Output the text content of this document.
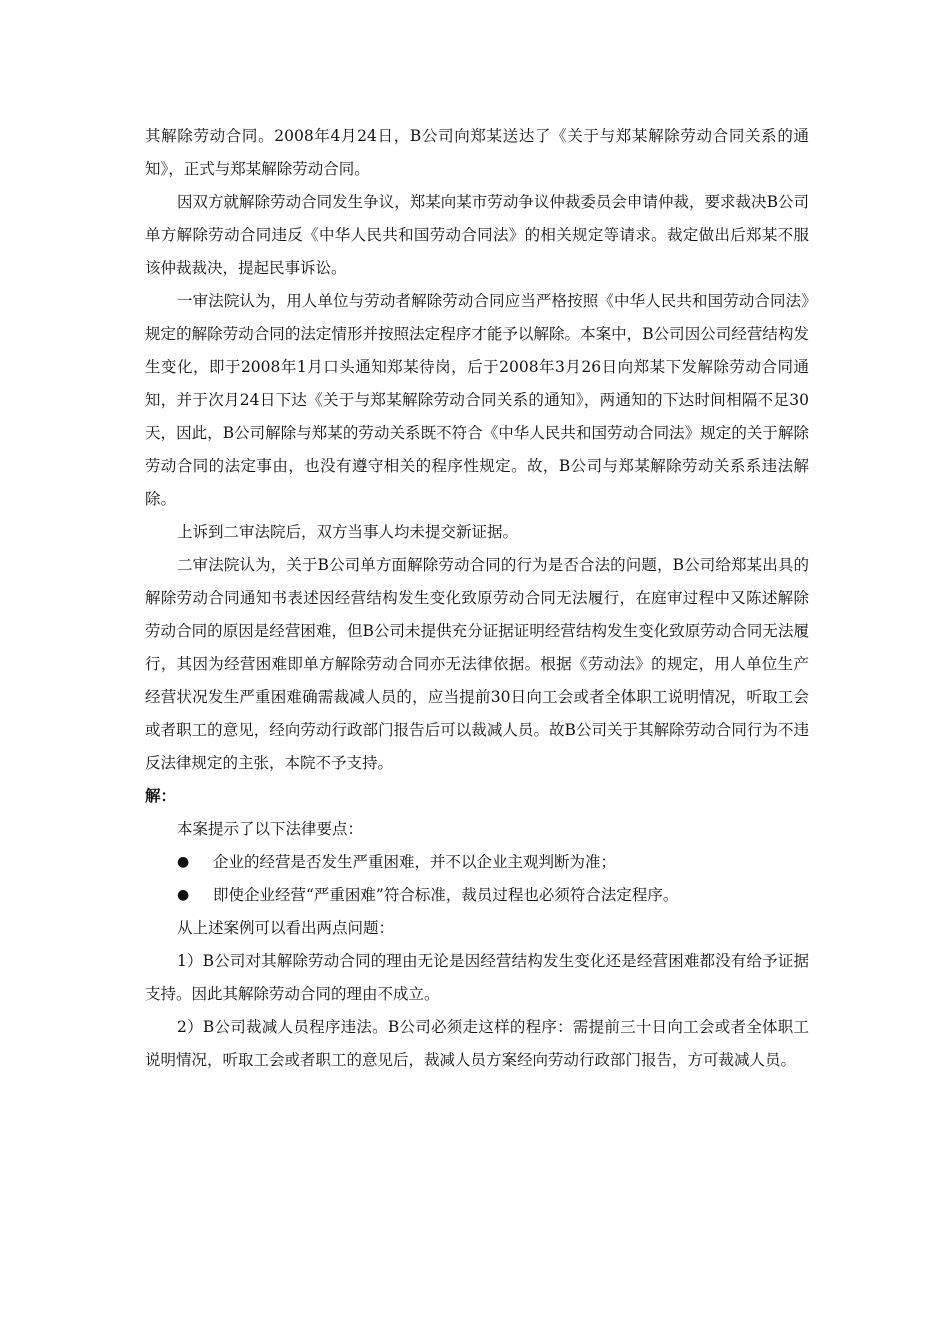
其解除劳动合同。2008年4月24日，B公司向郑某送达了《关于与郑某解除劳动合同关系的通知》，正式与郑某解除劳动合同。

因双方就解除劳动合同发生争议，郑某向某市劳动争议仲裁委员会申请仲裁，要求裁决B公司单方解除劳动合同违反《中华人民共和国劳动合同法》的相关规定等请求。裁定做出后郑某不服该仲裁裁决，提起民事诉讼。

一审法院认为，用人单位与劳动者解除劳动合同应当严格按照《中华人民共和国劳动合同法》规定的解除劳动合同的法定情形并按照法定程序才能予以解除。本案中，B公司因公司经营结构发生变化，即于2008年1月口头通知郑某待岗，后于2008年3月26日向郑某下发解除劳动合同通知，并于次月24日下达《关于与郑某解除劳动合同关系的通知》，两通知的下达时间相隔不足30天，因此，B公司解除与郑某的劳动关系既不符合《中华人民共和国劳动合同法》规定的关于解除劳动合同的法定事由，也没有遵守相关的程序性规定。故，B公司与郑某解除劳动关系系违法解除。

上诉到二审法院后，双方当事人均未提交新证据。

二审法院认为，关于B公司单方面解除劳动合同的行为是否合法的问题，B公司给郑某出具的解除劳动合同通知书表述因经营结构发生变化致原劳动合同无法履行，在庭审过程中又陈述解除劳动合同的原因是经营困难，但B公司未提供充分证据证明经营结构发生变化致原劳动合同无法履行，其因为经营困难即单方解除劳动合同亦无法律依据。根据《劳动法》的规定，用人单位生产经营状况发生严重困难确需裁减人员的，应当提前30日向工会或者全体职工说明情况，听取工会或者职工的意见，经向劳动行政部门报告后可以裁减人员。故B公司关于其解除劳动合同行为不违反法律规定的主张，本院不予支持。

解：

本案提示了以下法律要点：

●	企业的经营是否发生严重困难，并不以企业主观判断为准；
●	即使企业经营“严重困难”符合标准，裁员过程也必须符合法定程序。

从上述案例可以看出两点问题：

1）B公司对其解除劳动合同的理由无论是因经营结构发生变化还是经营困难都没有给予证据支持。因此其解除劳动合同的理由不成立。

2）B公司裁减人员程序违法。B公司必须走这样的程序：需提前三十日向工会或者全体职工说明情况，听取工会或者职工的意见后，裁减人员方案经向劳动行政部门报告，方可裁减人员。
